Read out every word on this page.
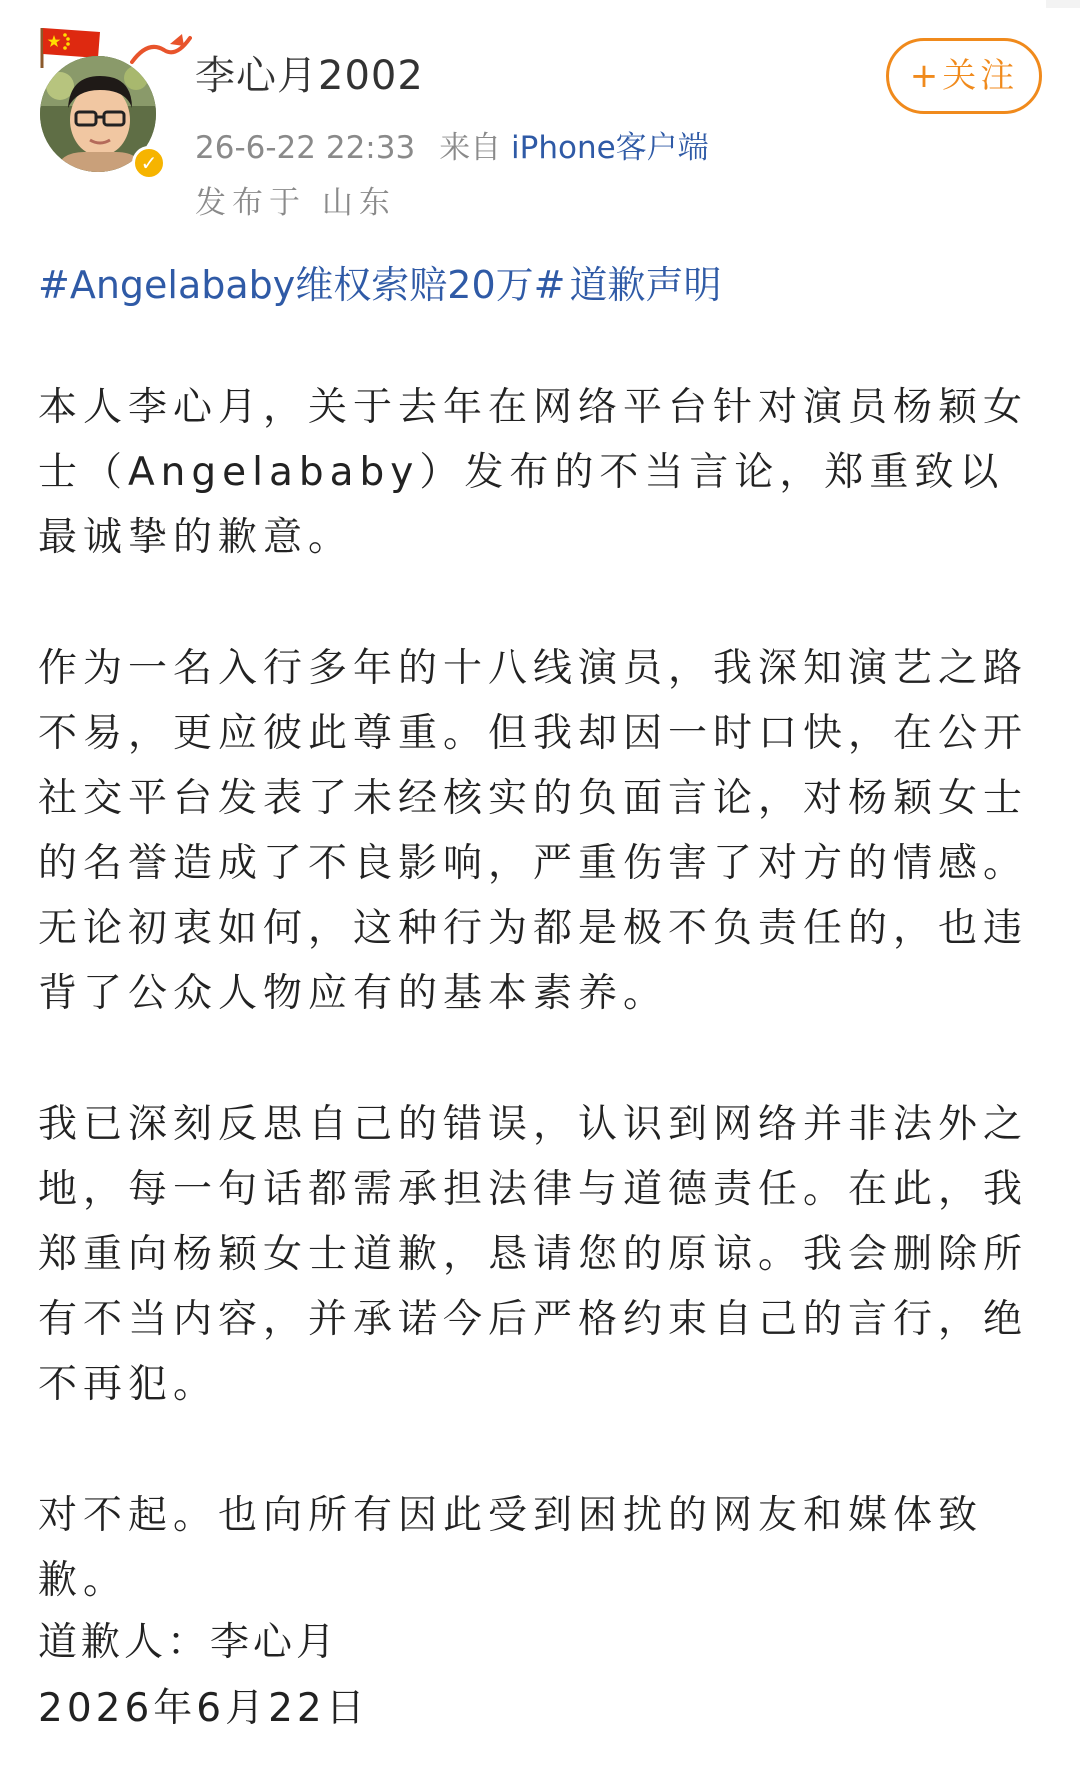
✓
李心月2002
26-6-22 22:33 来自 iPhone客户端
发布于 山东
+关注
#Angelababy维权索赔20万# 道歉声明

本人李心月，关于去年在网络平台针对演员杨颖女士（Angelababy）发布的不当言论，郑重致以最诚挚的歉意。

作为一名入行多年的十八线演员，我深知演艺之路不易，更应彼此尊重。但我却因一时口快，在公开社交平台发表了未经核实的负面言论，对杨颖女士的名誉造成了不良影响，严重伤害了对方的情感。无论初衷如何，这种行为都是极不负责任的，也违背了公众人物应有的基本素养。

我已深刻反思自己的错误，认识到网络并非法外之地，每一句话都需承担法律与道德责任。在此，我郑重向杨颖女士道歉，恳请您的原谅。我会删除所有不当内容，并承诺今后严格约束自己的言行，绝不再犯。

对不起。也向所有因此受到困扰的网友和媒体致歉。

道歉人：李心月
2026年6月22日
